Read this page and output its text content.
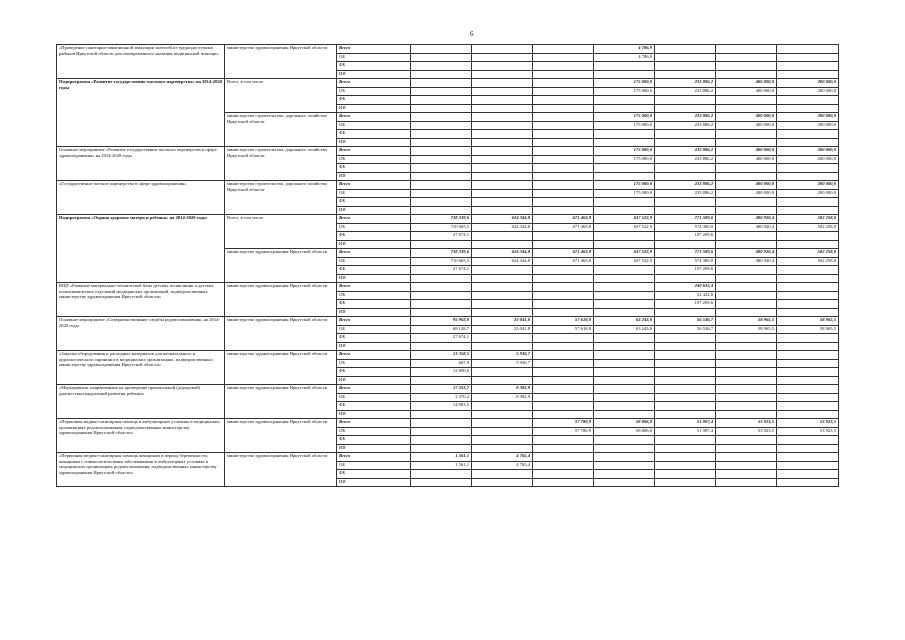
6
«Проведение санитарно-авиационной эвакуации жителей из труднодоступных районов Иркутской области для своевременного оказания медицинской помощи»	министерство здравоохранения Иркутской области	Всего				4 786,9			
		ОБ				4 786,9			
		ФБ							
		ИИ							
Подпрограмма «Развитие государственно-частного партнерства» на 2014-2020 годы	Всего, в том числе	Всего				175 000,0	233 886,2	400 000,0	200 000,0
		ОБ				175 000,0	233 886,2	400 000,0	200 000,0
		ФБ							
		ИИ							
	министерство строительства, дорожного хозяйства Иркутской области	Всего				175 000,0	233 886,2	400 000,0	200 000,0
		ОБ				175 000,0	233 886,2	400 000,0	200 000,0
		ФБ							
		ИИ							
Основное мероприятие «Развитие государственно-частного партнерства в сфере здравоохранения» на 2014-2020 годы	министерство строительства, дорожного хозяйства Иркутской области	Всего				175 000,0	233 886,2	400 000,0	200 000,0
		ОБ				175 000,0	233 886,2	400 000,0	200 000,0
		ФБ							
		ИИ							
«Государственно-частное партнерство в сфере здравоохранения»	министерство строительства, дорожного хозяйства Иркутской области	Всего				175 000,0	233 886,2	400 000,0	200 000,0
		ОБ				175 000,0	233 886,2	400 000,0	200 000,0
		ФБ							
		ИИ							
Подпрограмма «Охрана здоровья матери и ребенка» на 2014-2020 годы	Всего, в том числе	Всего	738 339,6	624 344,8	671 463,8	637 522,9	771 589,6	480 920,4	502 258,0
		ОБ	710 665,5	624 344,8	671 463,8	637 522,9	574 380,0	480 920,4	502 258,0
		ФБ	27 674,1				197 209,6		
		ИИ							
	министерство здравоохранения Иркутской области	Всего	738 339,6	624 344,8	671 463,8	637 522,9	771 589,6	480 920,4	502 258,0
		ОБ	710 665,5	624 344,8	671 463,8	637 522,9	574 380,0	480 920,4	502 258,0
		ФБ	27 674,1				197 209,6		
		ИИ							
ВЦП «Развитие материально-технической базы детских поликлиник и детских поликлинических отделений медицинских организаций, подведомственных министерству здравоохранения Иркутской области»	министерство здравоохранения Иркутской области	Всего					249 632,4		
		ОБ					52 422,8		
		ФБ					197 209,6		
		ИИ							
Основное мероприятие «Совершенствование службы родовспоможения» на 2014-2020 годы	министерство здравоохранения Иркутской области	Всего	95 902,8	23 041,8	57 618,8	63 243,0	56 536,7	58 965,5	58 965,5
		ОБ	68 128,7	23 041,8	57 618,8	63 243,0	56 536,7	58 965,5	58 965,5
		ФБ	27 674,1						
		ИИ							
«Закупка оборудования и расходных материалов для неонатального и аудиологического скрининга в медицинских организациях, подведомственных министерству здравоохранения Иркутской области»	министерство здравоохранения Иркутской области	Всего	13 358,5	5 936,7					
		ОБ	667,9	5 936,7					
		ФБ	12 690,6						
		ИИ							
«Мероприятия, направленные на проведение пренатальной (дородовой) диагностики нарушений развития ребенка»	министерство здравоохранения Иркутской области	Всего	17 353,7	8 382,9					
		ОБ	2 370,2	8 382,9					
		ФБ	14 983,5						
		ИИ							
«Первичная медико-санитарная помощь в амбулаторных условиях в медицинских организациях родовспоможения, подведомственных министерству здравоохранения Иркутской области»	министерство здравоохранения Иркутской области	Всего			57 780,9	58 806,8	51 907,4	53 923,5	53 923,5
		ОБ			57 780,9	58 806,8	51 907,4	53 923,5	53 923,5
		ФБ							
		ИИ							
«Первичная медико-санитарная помощь женщинам в период беременности, женщинам с гинекологическими заболеваниями в амбулаторных условиях в медицинских организациях родовспоможения, подведомственных министерству здравоохранения Иркутской области»	министерство здравоохранения Иркутской области	Всего	1 561,1	4 765,4					
		ОБ	1 561,1	4 765,4					
		ФБ							
		ИИ							
